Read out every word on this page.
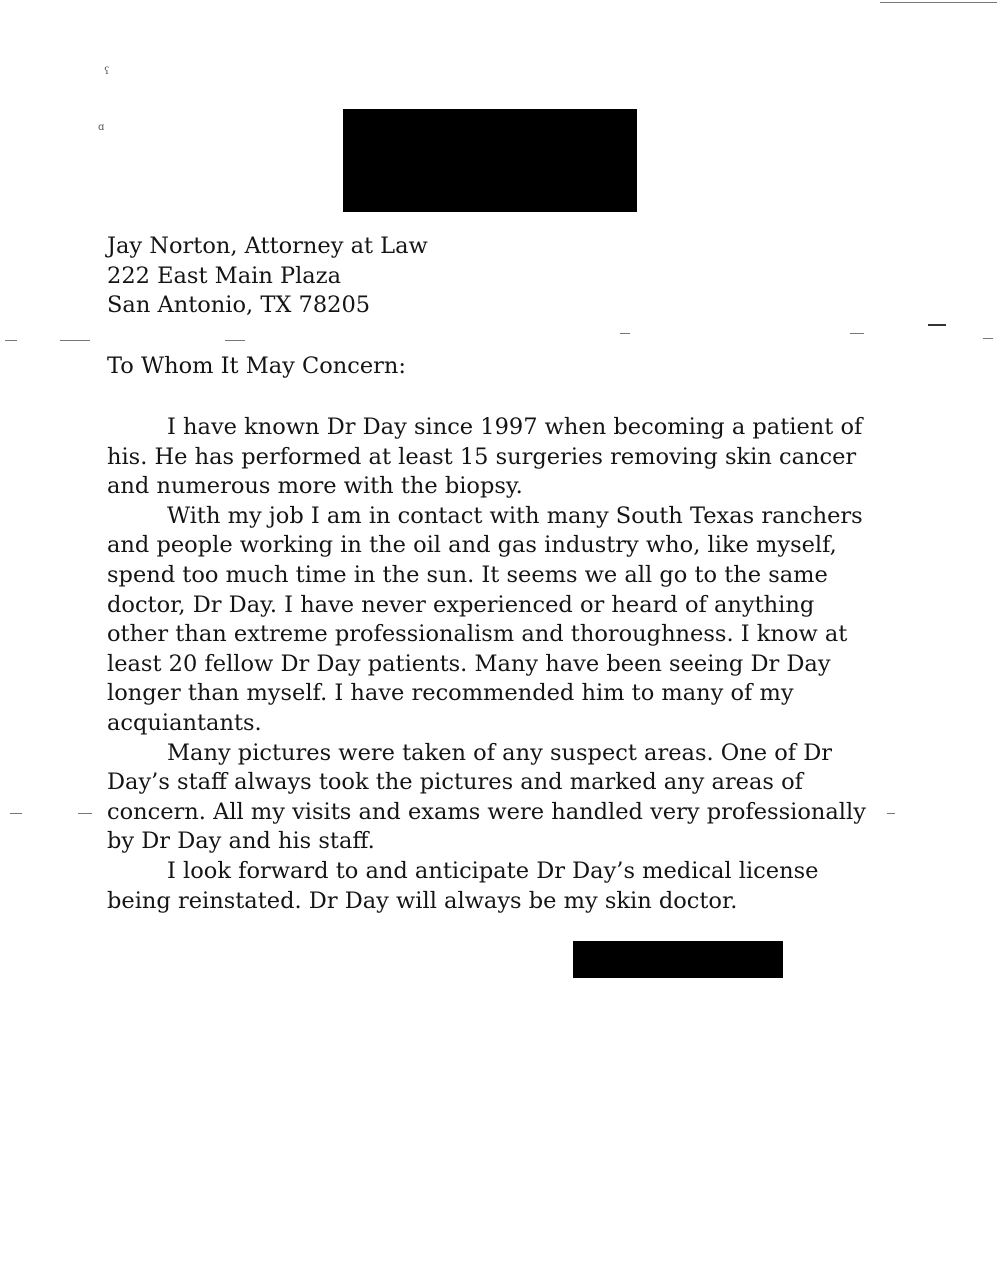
Jay Norton, Attorney at Law
222 East Main Plaza
San Antonio, TX 78205
To Whom It May Concern:
I have known Dr Day since 1997 when becoming a patient of
his. He has performed at least 15 surgeries removing skin cancer
and numerous more with the biopsy.
With my job I am in contact with many South Texas ranchers
and people working in the oil and gas industry who, like myself,
spend too much time in the sun. It seems we all go to the same
doctor, Dr Day. I have never experienced or heard of anything
other than extreme professionalism and thoroughness. I know at
least 20 fellow Dr Day patients. Many have been seeing Dr Day
longer than myself. I have recommended him to many of my
acquiantants.
Many pictures were taken of any suspect areas. One of Dr
Day’s staff always took the pictures and marked any areas of
concern. All my visits and exams were handled very professionally
by Dr Day and his staff.
I look forward to and anticipate Dr Day’s medical license
being reinstated. Dr Day will always be my skin doctor.
ʕ
ɑ
